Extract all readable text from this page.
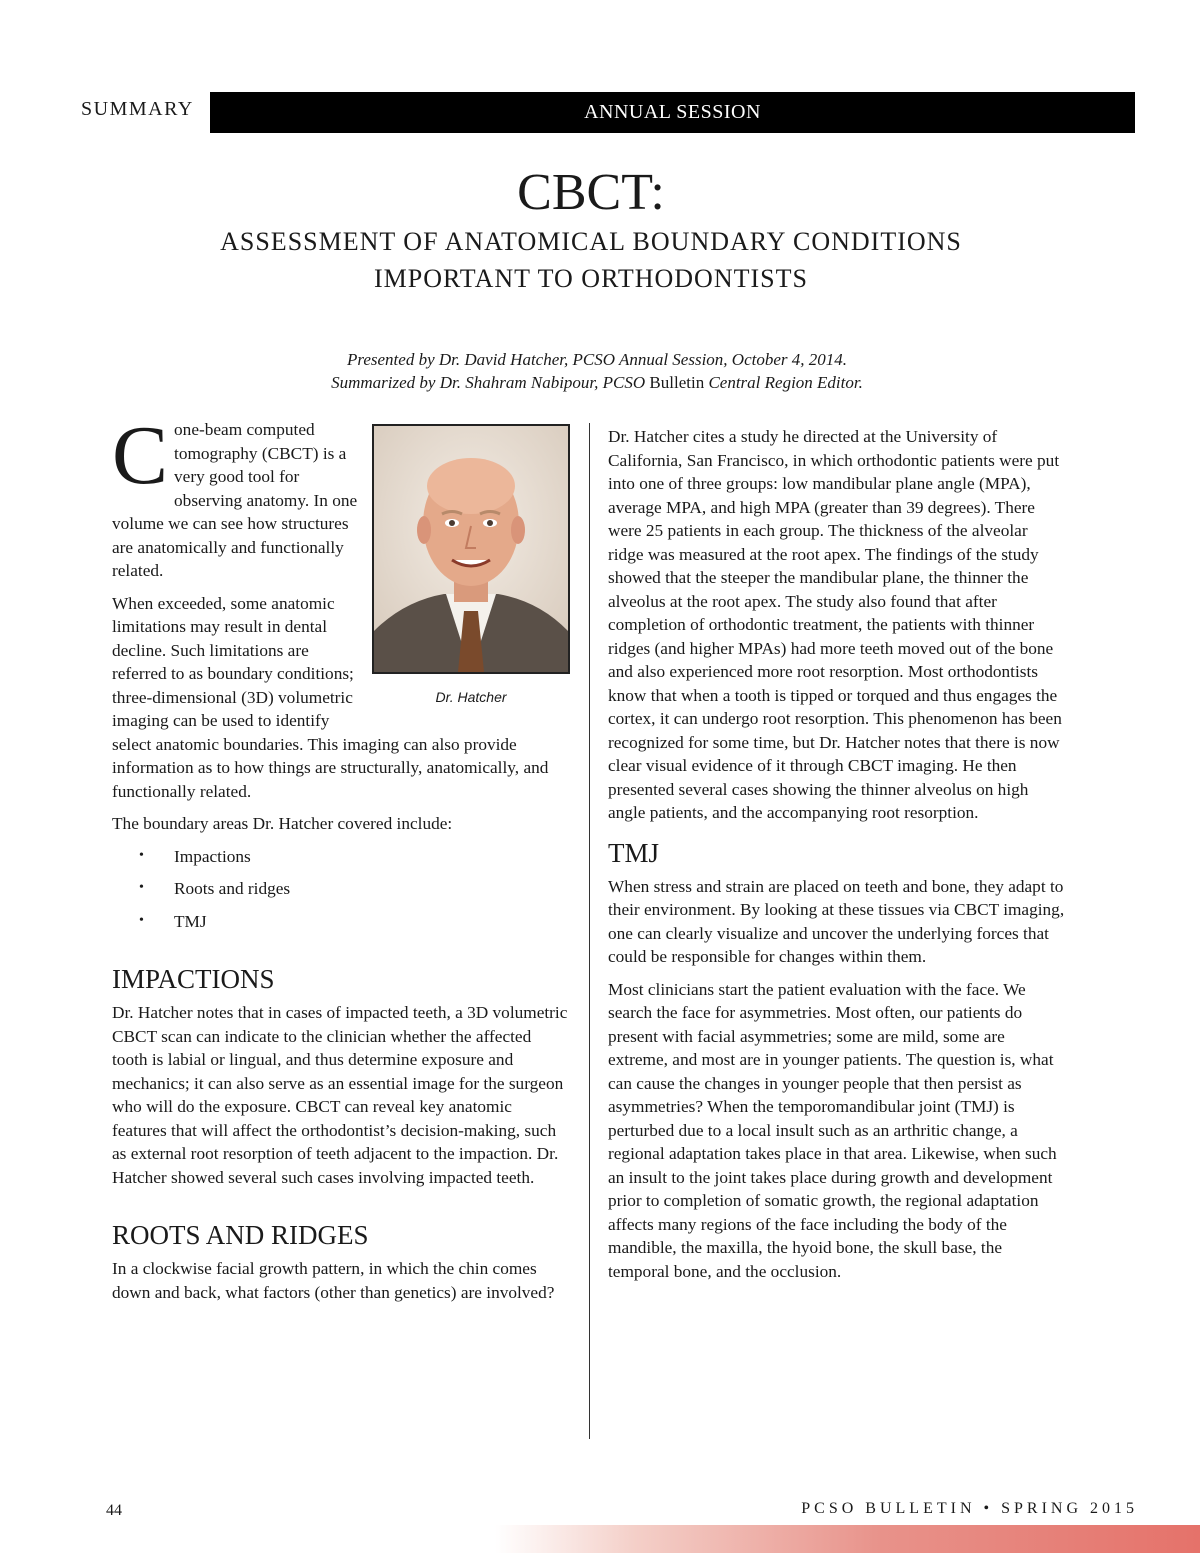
SUMMARY	ANNUAL SESSION
CBCT:
ASSESSMENT OF ANATOMICAL BOUNDARY CONDITIONS
IMPORTANT TO ORTHODONTISTS
Presented by Dr. David Hatcher, PCSO Annual Session, October 4, 2014.
Summarized by Dr. Shahram Nabipour, PCSO Bulletin Central Region Editor.
Dr. Hatcher

Cone-beam computed tomography (CBCT) is a very good tool for observing anatomy. In one volume we can see how structures are anatomically and functionally related.

When exceeded, some anatomic limitations may result in dental decline. Such limitations are referred to as boundary conditions; three-dimensional (3D) volumetric imaging can be used to identify select anatomic boundaries. This imaging can also provide information as to how things are structurally, anatomically, and functionally related.

The boundary areas Dr. Hatcher covered include:

• Impactions
• Roots and ridges
• TMJ
IMPACTIONS

Dr. Hatcher notes that in cases of impacted teeth, a 3D volumetric CBCT scan can indicate to the clinician whether the affected tooth is labial or lingual, and thus determine exposure and mechanics; it can also serve as an essential image for the surgeon who will do the exposure. CBCT can reveal key anatomic features that will affect the orthodontist’s decision-making, such as external root resorption of teeth adjacent to the impaction. Dr. Hatcher showed several such cases involving impacted teeth.

ROOTS AND RIDGES

In a clockwise facial growth pattern, in which the chin comes down and back, what factors (other than genetics) are involved?

Dr. Hatcher cites a study he directed at the University of California, San Francisco, in which orthodontic patients were put into one of three groups: low mandibular plane angle (MPA), average MPA, and high MPA (greater than 39 degrees). There were 25 patients in each group. The thickness of the alveolar ridge was measured at the root apex. The findings of the study showed that the steeper the mandibular plane, the thinner the alveolus at the root apex. The study also found that after completion of orthodontic treatment, the patients with thinner ridges (and higher MPAs) had more teeth moved out of the bone and also experienced more root resorption. Most orthodontists know that when a tooth is tipped or torqued and thus engages the cortex, it can undergo root resorption. This phenomenon has been recognized for some time, but Dr. Hatcher notes that there is now clear visual evidence of it through CBCT imaging. He then presented several cases showing the thinner alveolus on high angle patients, and the accompanying root resorption.

TMJ

When stress and strain are placed on teeth and bone, they adapt to their environment. By looking at these tissues via CBCT imaging, one can clearly visualize and uncover the underlying forces that could be responsible for changes within them.

Most clinicians start the patient evaluation with the face. We search the face for asymmetries. Most often, our patients do present with facial asymmetries; some are mild, some are extreme, and most are in younger patients. The question is, what can cause the changes in younger people that then persist as asymmetries? When the temporomandibular joint (TMJ) is perturbed due to a local insult such as an arthritic change, a regional adaptation takes place in that area. Likewise, when such an insult to the joint takes place during growth and development prior to completion of somatic growth, the regional adaptation affects many regions of the face including the body of the mandible, the maxilla, the hyoid bone, the skull base, the temporal bone, and the occlusion.

44	PCSO BULLETIN • SPRING 2015
